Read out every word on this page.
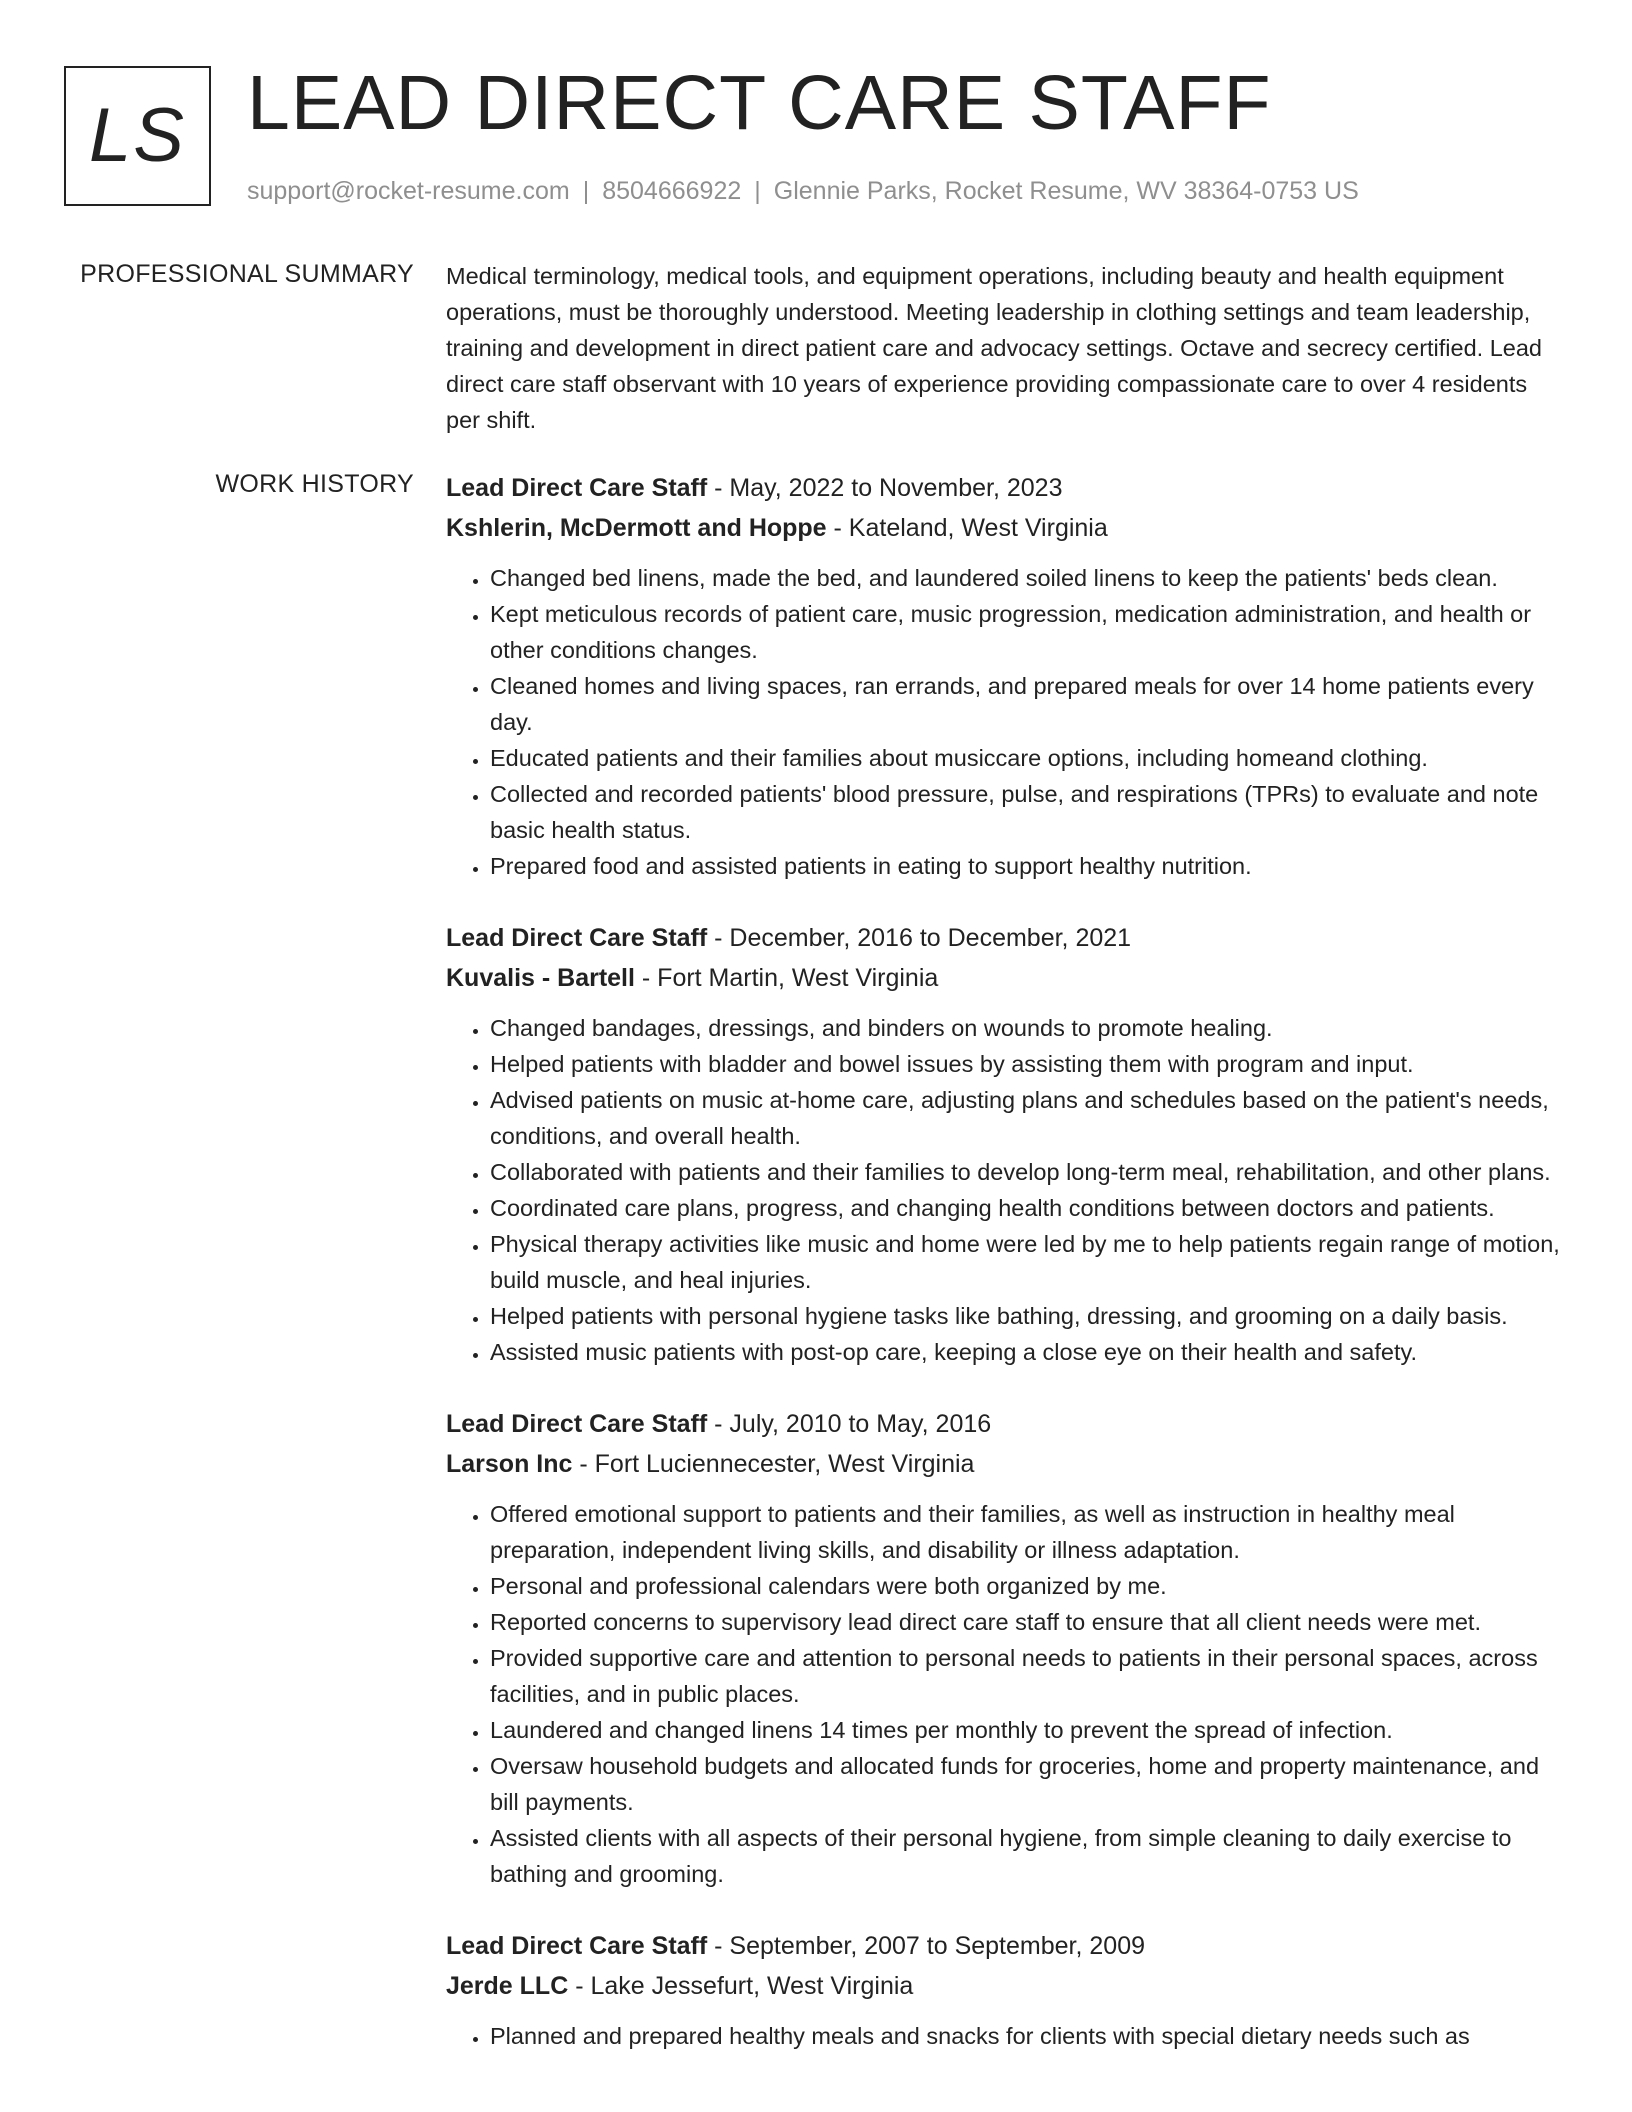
LS LEAD DIRECT CARE STAFF
support@rocket-resume.com | 8504666922 | Glennie Parks, Rocket Resume, WV 38364-0753 US
PROFESSIONAL SUMMARY Medical terminology, medical tools, and equipment operations, including beauty and health equipment operations, must be thoroughly understood. Meeting leadership in clothing settings and team leadership, training and development in direct patient care and advocacy settings. Octave and secrecy certified. Lead direct care staff observant with 10 years of experience providing compassionate care to over 4 residents per shift.

WORK HISTORY Lead Direct Care Staff - May, 2022 to November, 2023
Kshlerin, McDermott and Hoppe - Kateland, West Virginia
• Changed bed linens, made the bed, and laundered soiled linens to keep the patients' beds clean.
• Kept meticulous records of patient care, music progression, medication administration, and health or other conditions changes.
• Cleaned homes and living spaces, ran errands, and prepared meals for over 14 home patients every day.
• Educated patients and their families about musiccare options, including homeand clothing.
• Collected and recorded patients' blood pressure, pulse, and respirations (TPRs) to evaluate and note basic health status.
• Prepared food and assisted patients in eating to support healthy nutrition.
Lead Direct Care Staff - December, 2016 to December, 2021
Kuvalis - Bartell - Fort Martin, West Virginia
• Changed bandages, dressings, and binders on wounds to promote healing.
• Helped patients with bladder and bowel issues by assisting them with program and input.
• Advised patients on music at-home care, adjusting plans and schedules based on the patient's needs, conditions, and overall health.
• Collaborated with patients and their families to develop long-term meal, rehabilitation, and other plans.
• Coordinated care plans, progress, and changing health conditions between doctors and patients.
• Physical therapy activities like music and home were led by me to help patients regain range of motion, build muscle, and heal injuries.
• Helped patients with personal hygiene tasks like bathing, dressing, and grooming on a daily basis.
• Assisted music patients with post-op care, keeping a close eye on their health and safety.
Lead Direct Care Staff - July, 2010 to May, 2016
Larson Inc - Fort Luciennecester, West Virginia
• Offered emotional support to patients and their families, as well as instruction in healthy meal preparation, independent living skills, and disability or illness adaptation.
• Personal and professional calendars were both organized by me.
• Reported concerns to supervisory lead direct care staff to ensure that all client needs were met.
• Provided supportive care and attention to personal needs to patients in their personal spaces, across facilities, and in public places.
• Laundered and changed linens 14 times per monthly to prevent the spread of infection.
• Oversaw household budgets and allocated funds for groceries, home and property maintenance, and bill payments.
• Assisted clients with all aspects of their personal hygiene, from simple cleaning to daily exercise to bathing and grooming.
Lead Direct Care Staff - September, 2007 to September, 2009
Jerde LLC - Lake Jessefurt, West Virginia
• Planned and prepared healthy meals and snacks for clients with special dietary needs such as
